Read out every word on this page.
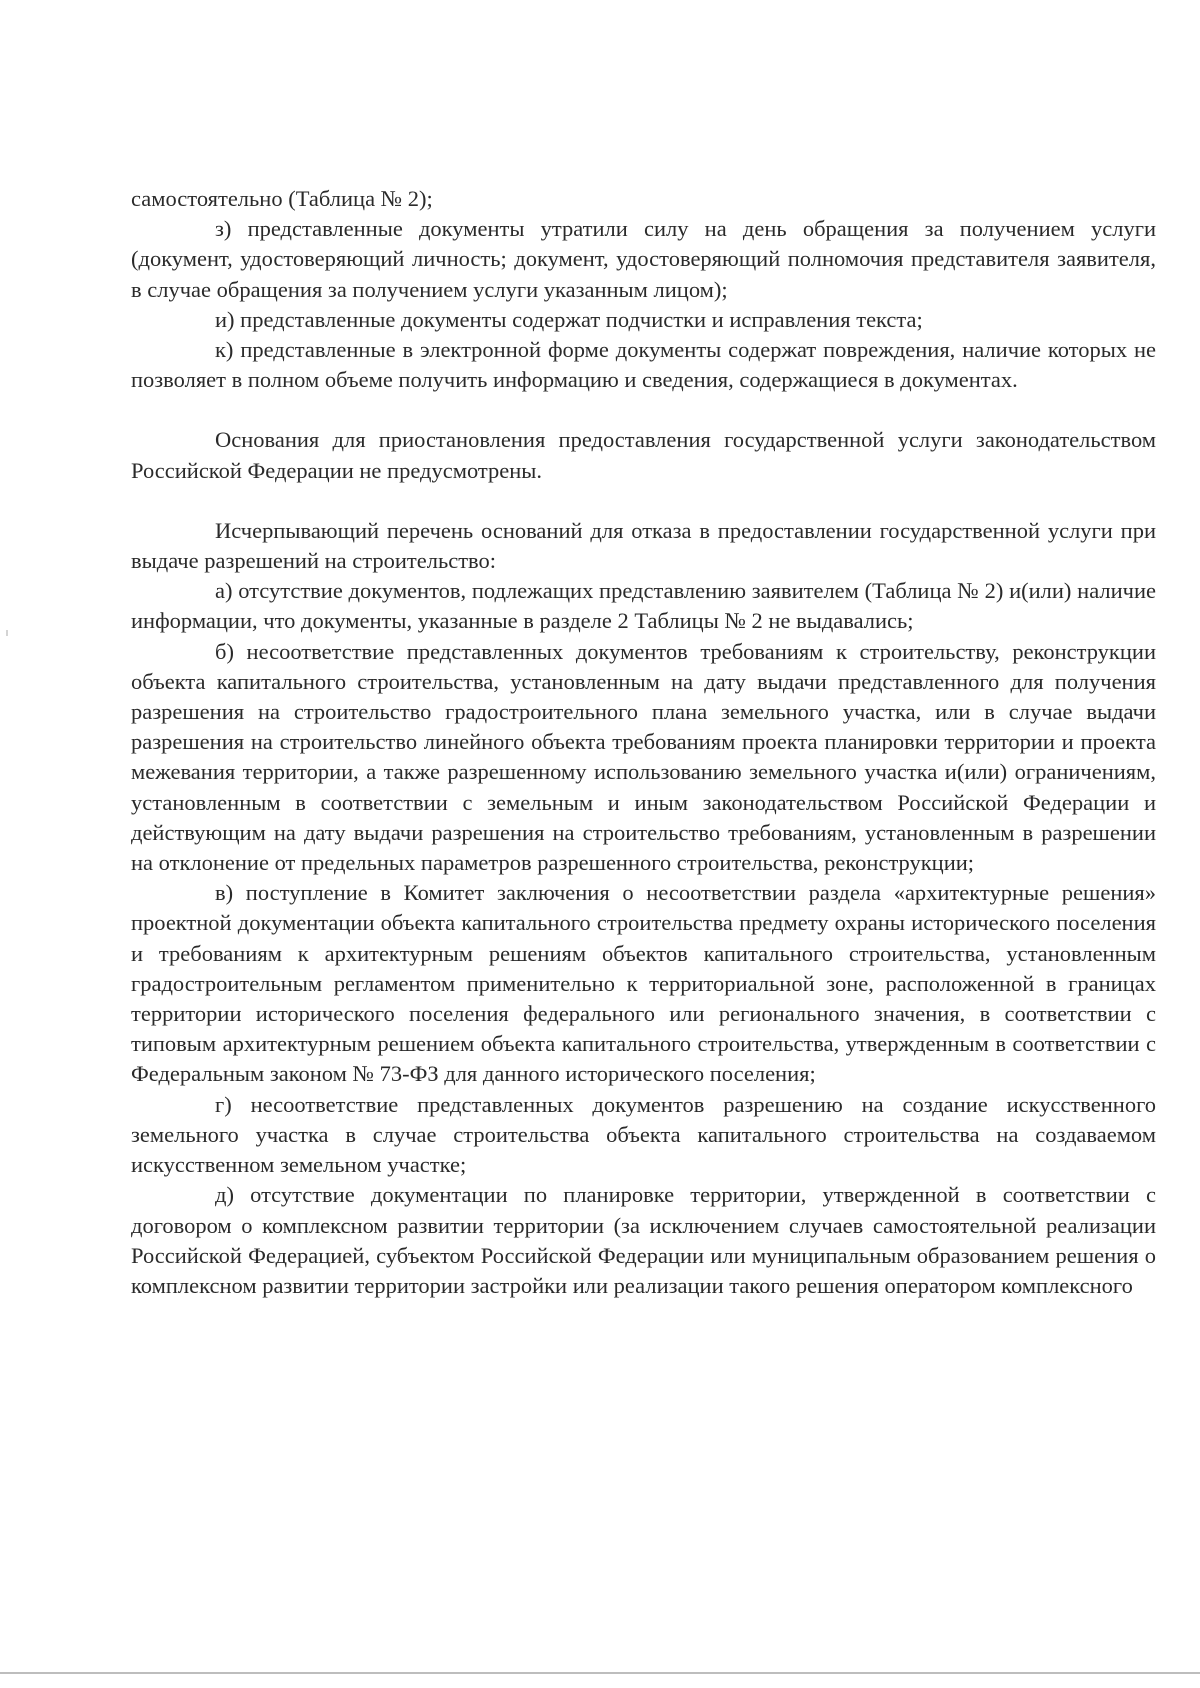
самостоятельно (Таблица № 2);

з) представленные документы утратили силу на день обращения за получением услуги (документ, удостоверяющий личность; документ, удостоверяющий полномочия представителя заявителя, в случае обращения за получением услуги указанным лицом);

и) представленные документы содержат подчистки и исправления текста;

к) представленные в электронной форме документы содержат повреждения, наличие которых не позволяет в полном объеме получить информацию и сведения, содержащиеся в документах.

Основания для приостановления предоставления государственной услуги законодательством Российской Федерации не предусмотрены.

Исчерпывающий перечень оснований для отказа в предоставлении государственной услуги при выдаче разрешений на строительство:

а) отсутствие документов, подлежащих представлению заявителем (Таблица № 2) и(или) наличие информации, что документы, указанные в разделе 2 Таблицы № 2 не выдавались;

б) несоответствие представленных документов требованиям к строительству, реконструкции объекта капитального строительства, установленным на дату выдачи представленного для получения разрешения на строительство градостроительного плана земельного участка, или в случае выдачи разрешения на строительство линейного объекта требованиям проекта планировки территории и проекта межевания территории, а также разрешенному использованию земельного участка и(или) ограничениям, установленным в соответствии с земельным и иным законодательством Российской Федерации и действующим на дату выдачи разрешения на строительство требованиям, установленным в разрешении на отклонение от предельных параметров разрешенного строительства, реконструкции;

в) поступление в Комитет заключения о несоответствии раздела «архитектурные решения» проектной документации объекта капитального строительства предмету охраны исторического поселения и требованиям к архитектурным решениям объектов капитального строительства, установленным градостроительным регламентом применительно к территориальной зоне, расположенной в границах территории исторического поселения федерального или регионального значения, в соответствии с типовым архитектурным решением объекта капитального строительства, утвержденным в соответствии с Федеральным законом № 73-ФЗ для данного исторического поселения;

г) несоответствие представленных документов разрешению на создание искусственного земельного участка в случае строительства объекта капитального строительства на создаваемом искусственном земельном участке;

д) отсутствие документации по планировке территории, утвержденной в соответствии с договором о комплексном развитии территории (за исключением случаев самостоятельной реализации Российской Федерацией, субъектом Российской Федерации или муниципальным образованием решения о комплексном развитии территории застройки или реализации такого решения оператором комплексного
